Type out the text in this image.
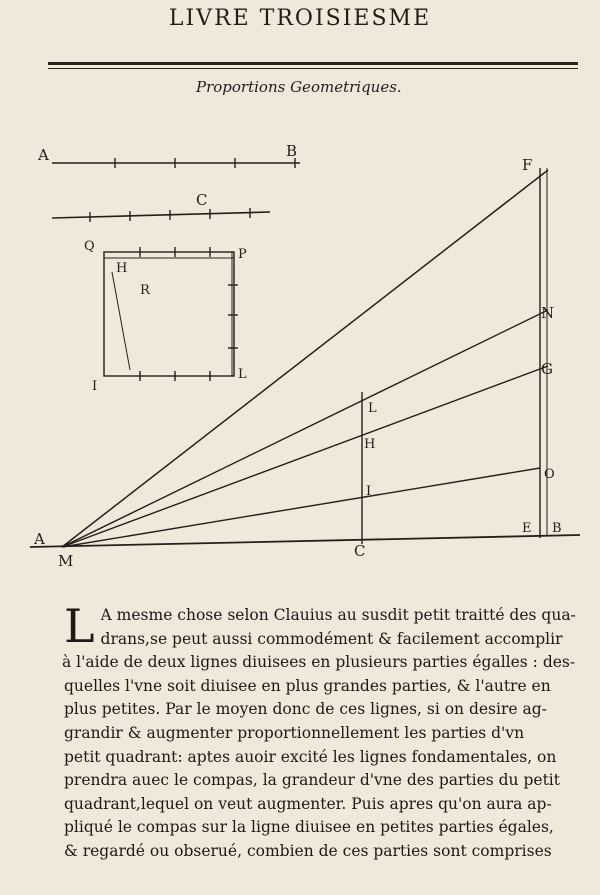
LIVRE TROISIESME
Proportions Geometriques.
A	B
C
Q
H
R
P
I
L
F
N
G
L
H
I
O
A
M
C
E B
L A mesme chose selon Clauius au susdit petit traitté des qua-
drans,se peut aussi commodément & facilement accomplir
à l'aide de deux lignes diuisees en plusieurs parties égalles : des-
quelles l'vne soit diuisee en plus grandes parties, & l'autre en
plus petites. Par le moyen donc de ces lignes, si on desire ag-
grandir & augmenter proportionnellement les parties d'vn
petit quadrant: aptes auoir excité les lignes fondamentales, on
prendra auec le compas, la grandeur d'vne des parties du petit
quadrant,lequel on veut augmenter. Puis apres qu'on aura ap-
pliqué le compas sur la ligne diuisee en petites parties égales,
& regardé ou obserué, combien de ces parties sont comprises
